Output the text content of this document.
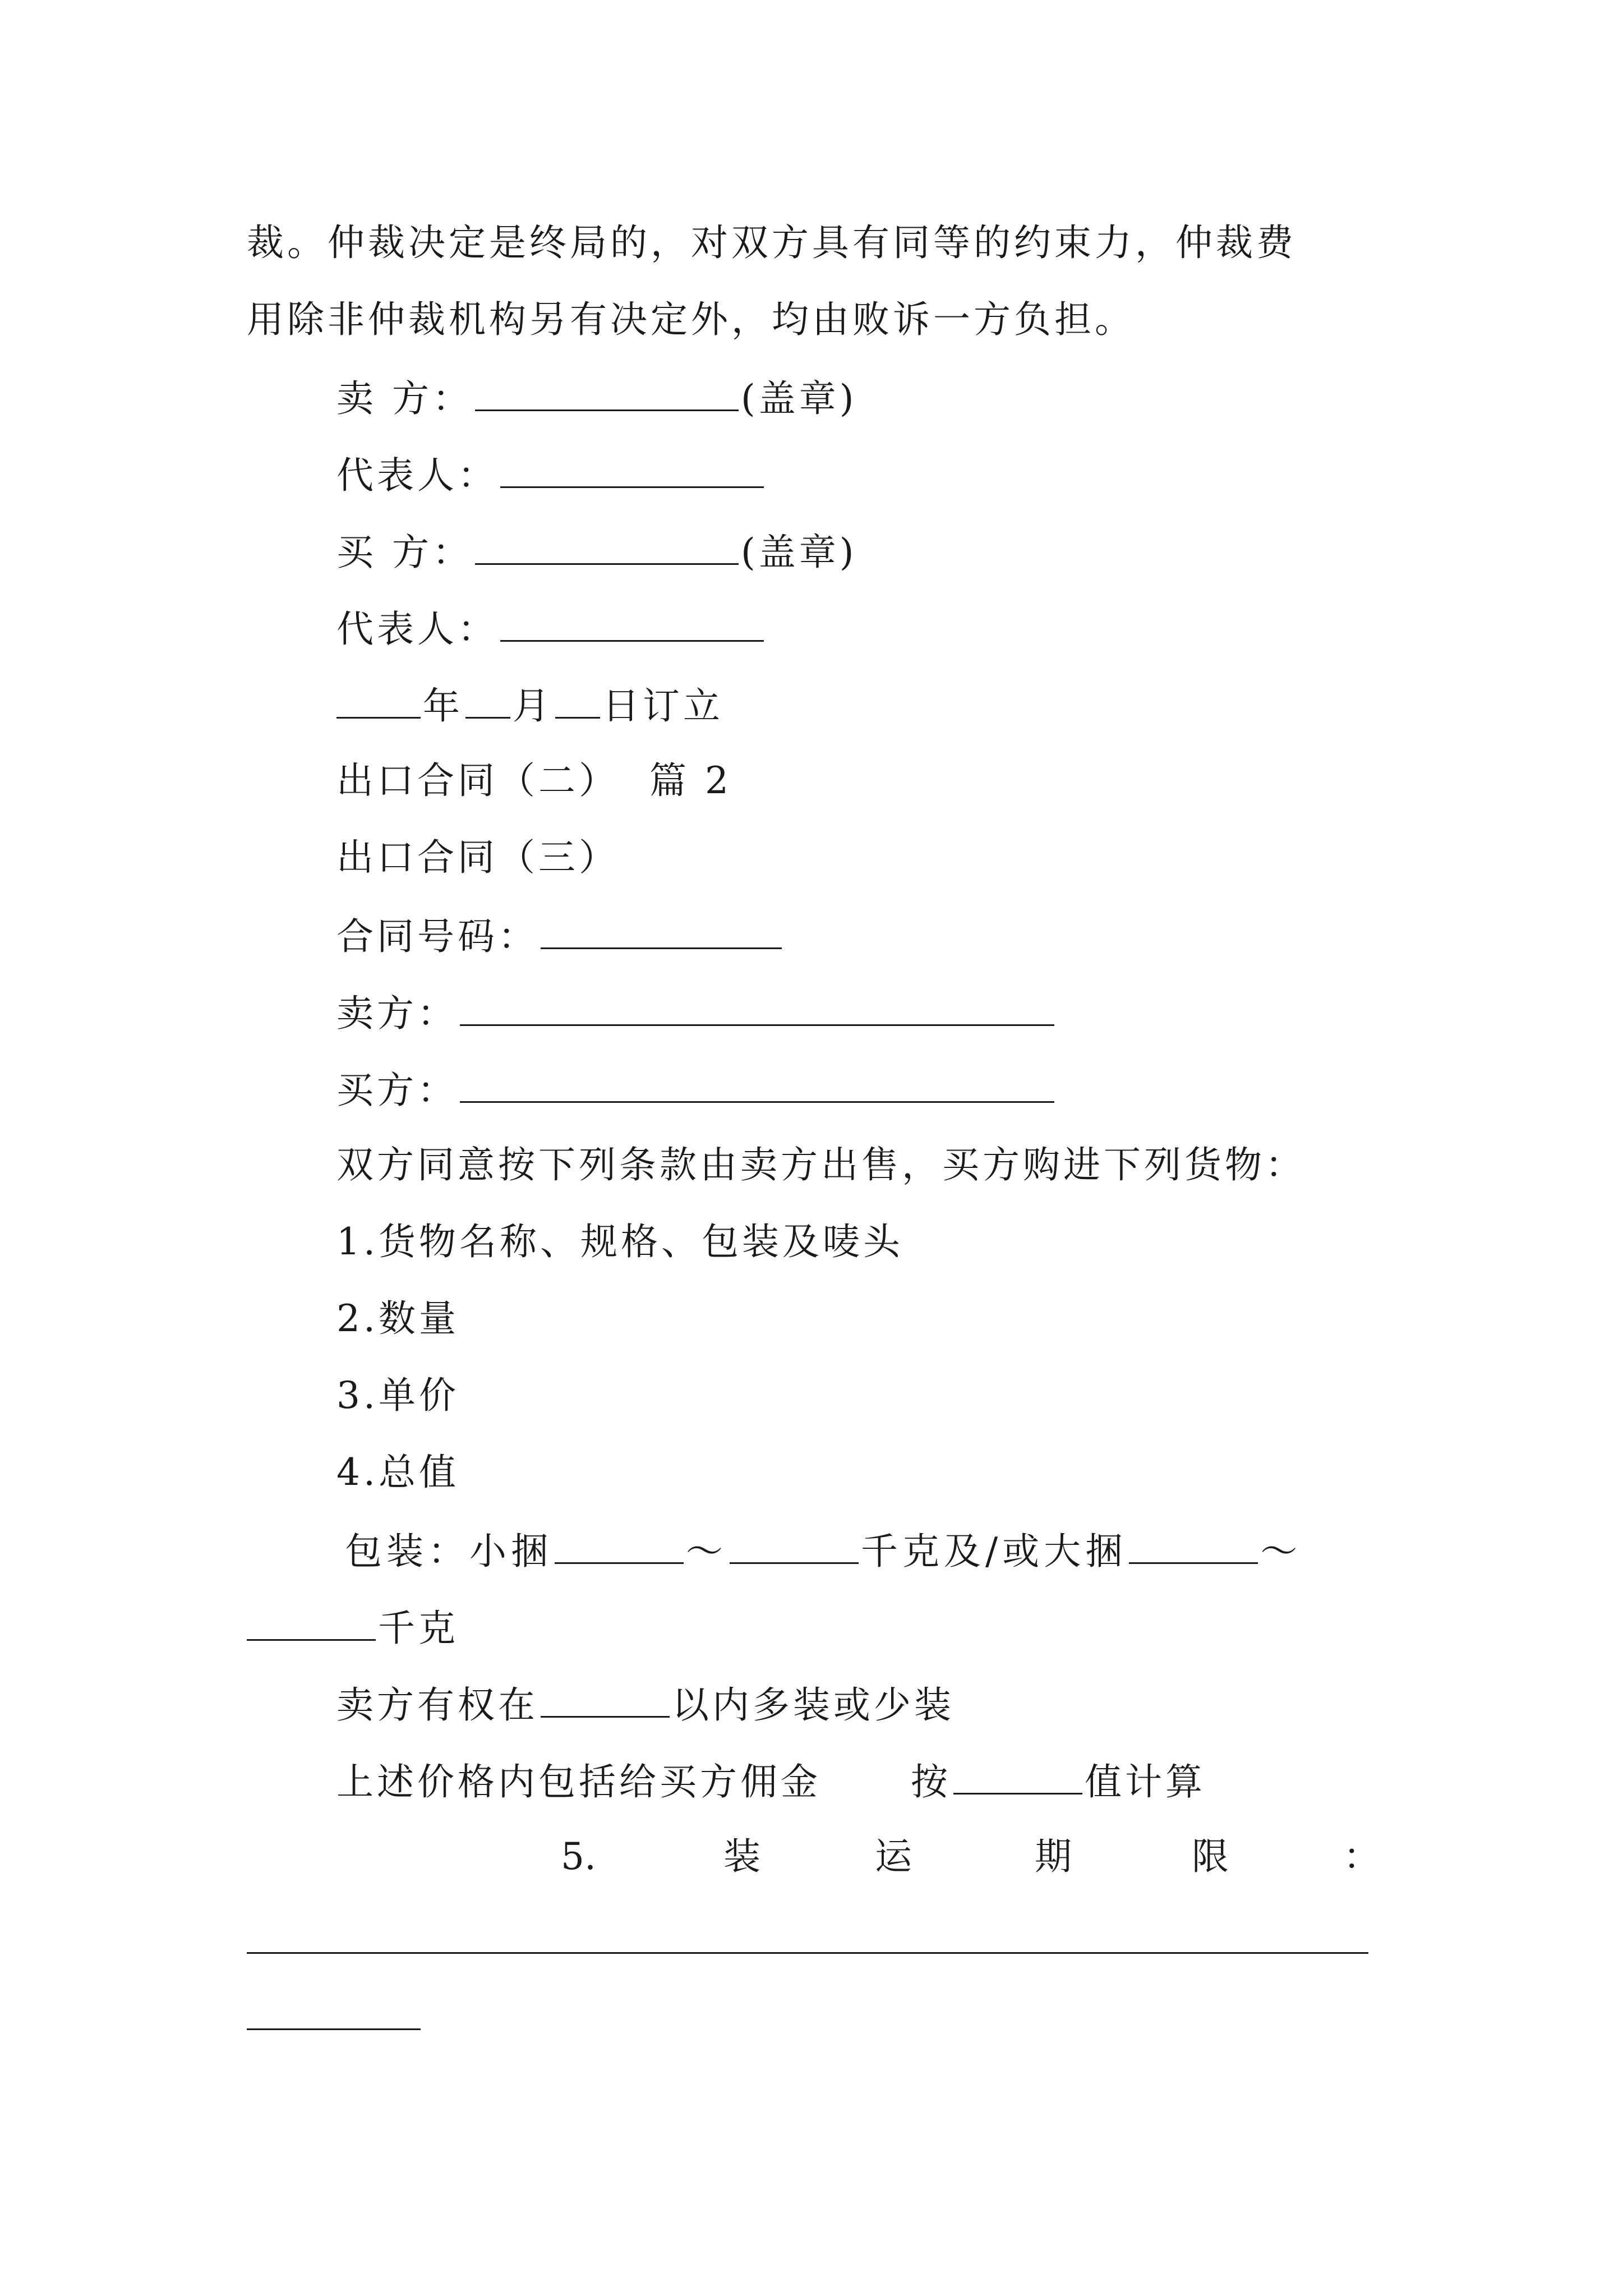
裁。仲裁决定是终局的，对双方具有同等的约束力，仲裁费
用除非仲裁机构另有决定外，均由败诉一方负担。
卖 方：	(盖章)
代表人：
买 方：	(盖章)
代表人：
年 月 日订立
出口合同（二）  篇 2
出口合同（三）
合同号码：
卖方：
买方：
双方同意按下列条款由卖方出售，买方购进下列货物：
1.货物名称、规格、包装及唛头
2.数量
3.单价
4.总值
包装：小捆	～	千克及/或大捆	～
千克
卖方有权在	以内多装或少装
上述价格内包括给买方佣金 按	值计算
5.	装	运	期	限	：
